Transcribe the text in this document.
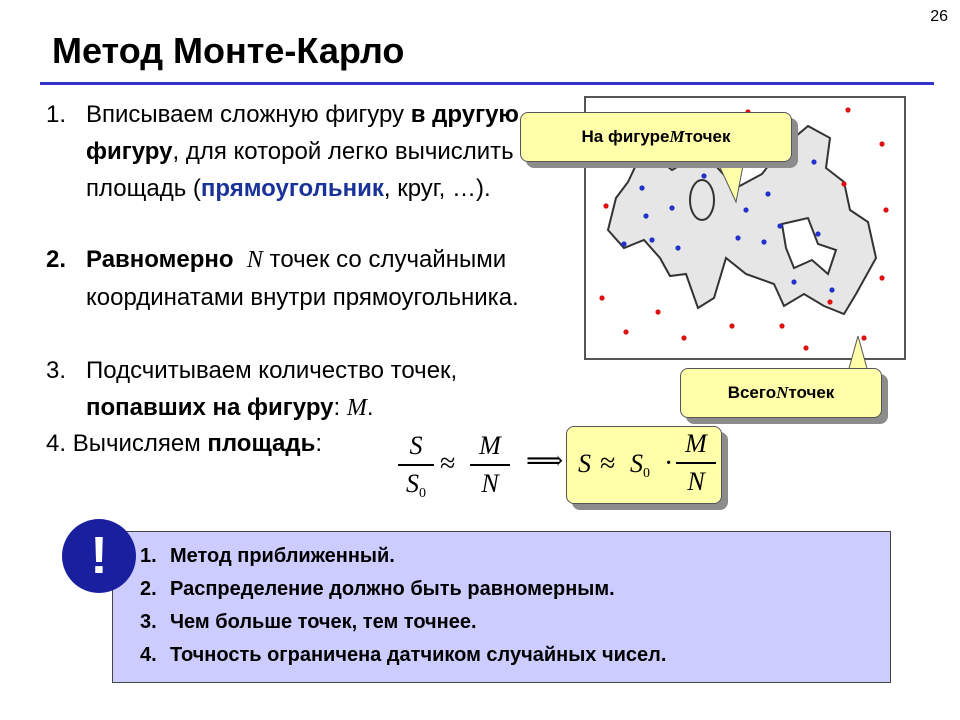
26
Метод Монте-Карло
1. Вписываем сложную фигуру в другую фигуру, для которой легко вычислить площадь (прямоугольник, круг, …).
2. Равномерно N точек со случайными координатами внутри прямоугольника.
3. Подсчитываем количество точек, попавших на фигуру: M.
4. Вычисляем площадь:	S
$S_0$
≈
M
N
⟹ $S \approx S_0$ ·
M
N
На фигуре M точек
Всего N точек
!	1. Метод приближенный.
2. Распределение должно быть равномерным.
3. Чем больше точек, тем точнее.
4. Точность ограничена датчиком случайных чисел.
